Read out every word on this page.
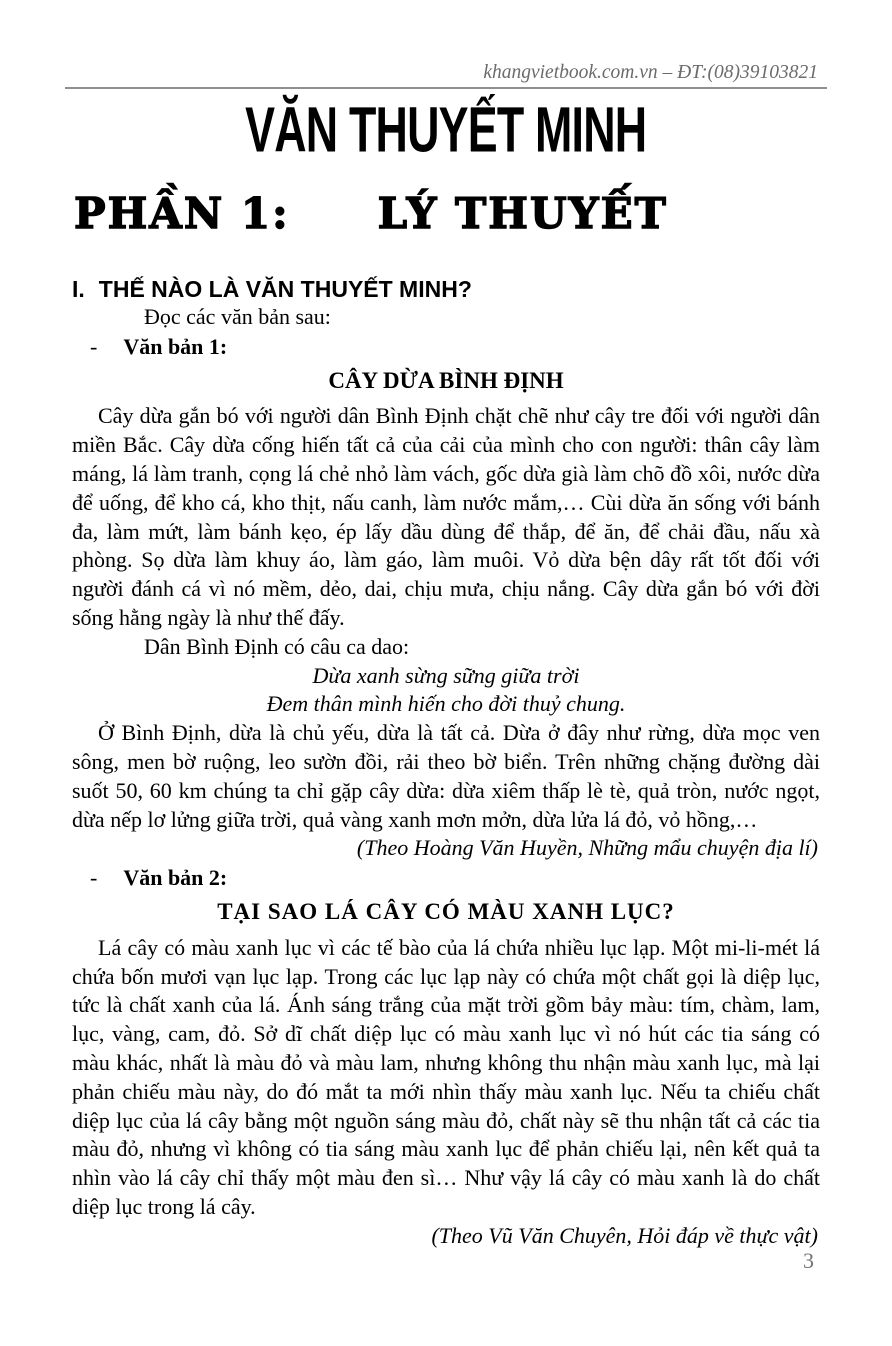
khangvietbook.com.vn – ĐT:(08)39103821
VĂN THUYẾT MINH
PHẦN 1: LÝ THUYẾT
I. THẾ NÀO LÀ VĂN THUYẾT MINH?

Đọc các văn bản sau:

- Văn bản 1:
CÂY DỪA BÌNH ĐỊNH

Cây dừa gắn bó với người dân Bình Định chặt chẽ như cây tre đối với người dân miền Bắc. Cây dừa cống hiến tất cả của cải của mình cho con người: thân cây làm máng, lá làm tranh, cọng lá chẻ nhỏ làm vách, gốc dừa già làm chõ đồ xôi, nước dừa để uống, để kho cá, kho thịt, nấu canh, làm nước mắm,… Cùi dừa ăn sống với bánh đa, làm mứt, làm bánh kẹo, ép lấy dầu dùng để thắp, để ăn, để chải đầu, nấu xà phòng. Sọ dừa làm khuy áo, làm gáo, làm muôi. Vỏ dừa bện dây rất tốt đối với người đánh cá vì nó mềm, dẻo, dai, chịu mưa, chịu nắng. Cây dừa gắn bó với đời sống hằng ngày là như thế đấy.

Dân Bình Định có câu ca dao:

Dừa xanh sừng sững giữa trời
Đem thân mình hiến cho đời thuỷ chung.

Ở Bình Định, dừa là chủ yếu, dừa là tất cả. Dừa ở đây như rừng, dừa mọc ven sông, men bờ ruộng, leo sườn đồi, rải theo bờ biển. Trên những chặng đường dài suốt 50, 60 km chúng ta chỉ gặp cây dừa: dừa xiêm thấp lè tè, quả tròn, nước ngọt, dừa nếp lơ lửng giữa trời, quả vàng xanh mơn mởn, dừa lửa lá đỏ, vỏ hồng,…

(Theo Hoàng Văn Huyền, Những mẩu chuyện địa lí)

- Văn bản 2:
TẠI SAO LÁ CÂY CÓ MÀU XANH LỤC?

Lá cây có màu xanh lục vì các tế bào của lá chứa nhiều lục lạp. Một mi-li-mét lá chứa bốn mươi vạn lục lạp. Trong các lục lạp này có chứa một chất gọi là diệp lục, tức là chất xanh của lá. Ánh sáng trắng của mặt trời gồm bảy màu: tím, chàm, lam, lục, vàng, cam, đỏ. Sở dĩ chất diệp lục có màu xanh lục vì nó hút các tia sáng có màu khác, nhất là màu đỏ và màu lam, nhưng không thu nhận màu xanh lục, mà lại phản chiếu màu này, do đó mắt ta mới nhìn thấy màu xanh lục. Nếu ta chiếu chất diệp lục của lá cây bằng một nguồn sáng màu đỏ, chất này sẽ thu nhận tất cả các tia màu đỏ, nhưng vì không có tia sáng màu xanh lục để phản chiếu lại, nên kết quả ta nhìn vào lá cây chỉ thấy một màu đen sì… Như vậy lá cây có màu xanh là do chất diệp lục trong lá cây.

(Theo Vũ Văn Chuyên, Hỏi đáp về thực vật)

3
